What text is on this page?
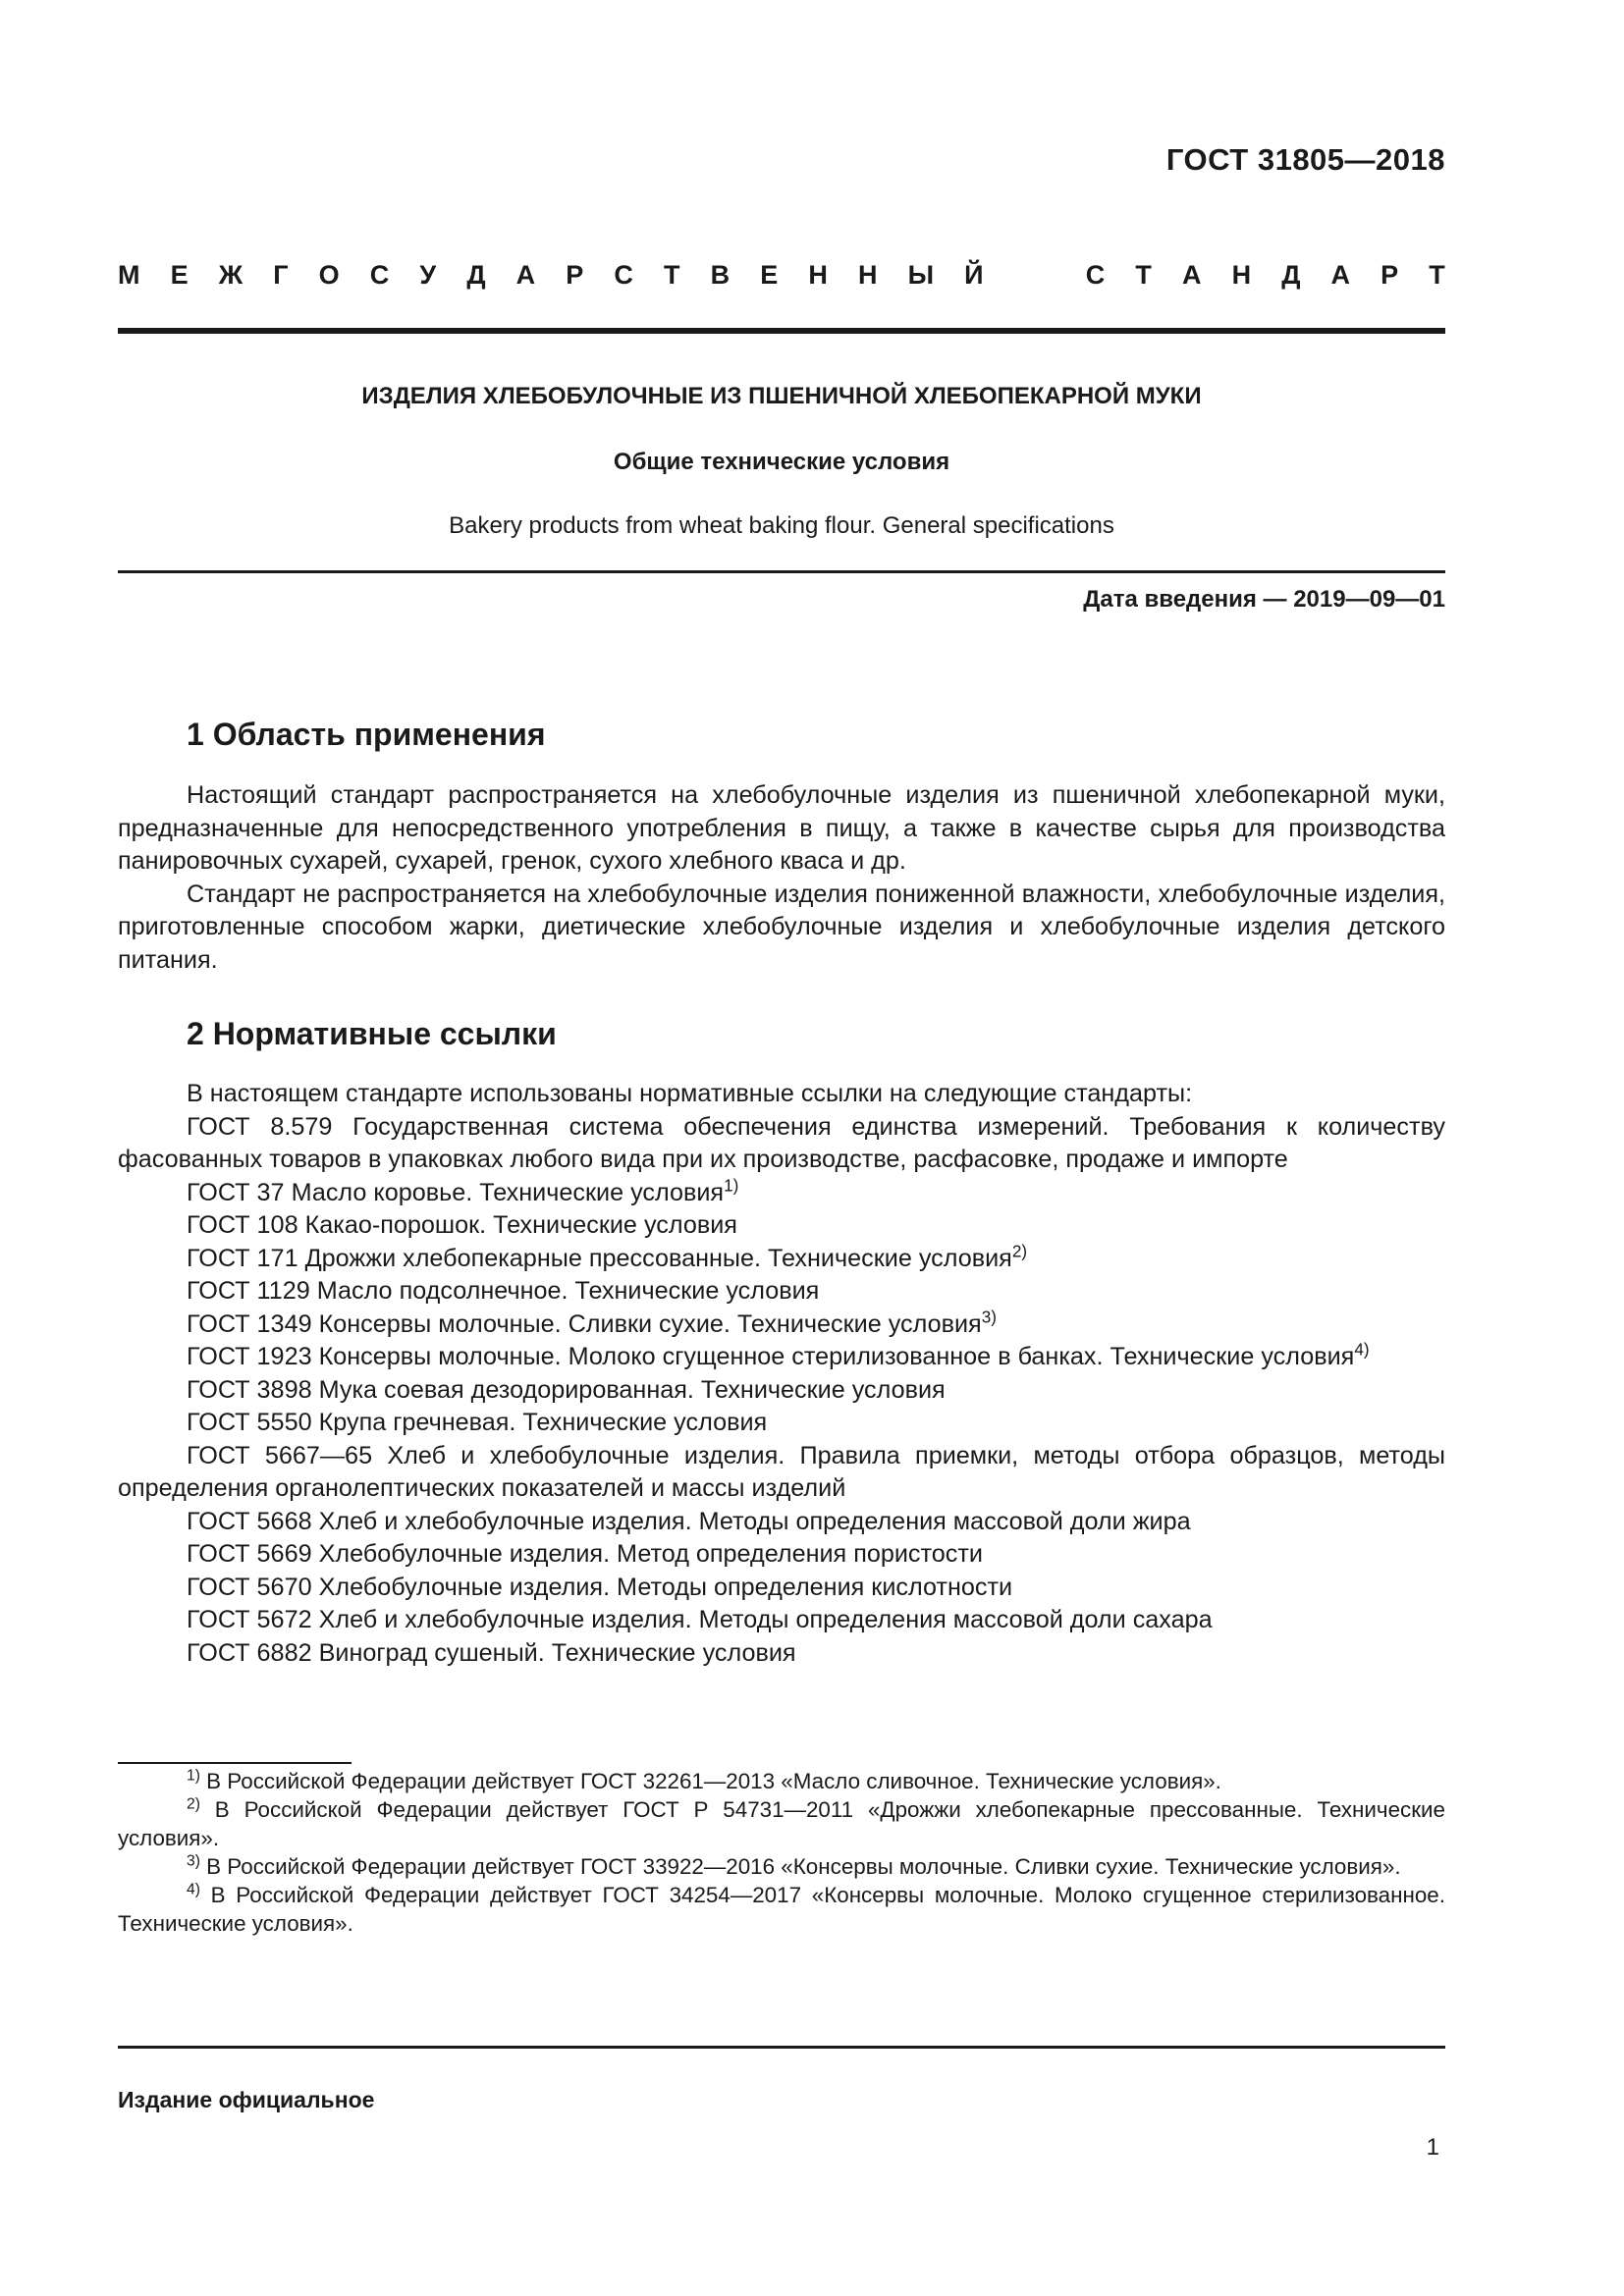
ГОСТ 31805—2018
М Е Ж Г О С У Д А Р С Т В Е Н Н Ы Й	С Т А Н Д А Р Т
ИЗДЕЛИЯ ХЛЕБОБУЛОЧНЫЕ ИЗ ПШЕНИЧНОЙ ХЛЕБОПЕКАРНОЙ МУКИ
Общие технические условия
Bakery products from wheat baking flour. General specifications
Дата введения — 2019—09—01
1 Область применения

Настоящий стандарт распространяется на хлебобулочные изделия из пшеничной хлебопекарной муки, предназначенные для непосредственного употребления в пищу, а также в качестве сырья для производства панировочных сухарей, сухарей, гренок, сухого хлебного кваса и др.

Стандарт не распространяется на хлебобулочные изделия пониженной влажности, хлебобулочные изделия, приготовленные способом жарки, диетические хлебобулочные изделия и хлебобулочные изделия детского питания.

2 Нормативные ссылки

В настоящем стандарте использованы нормативные ссылки на следующие стандарты:

ГОСТ 8.579 Государственная система обеспечения единства измерений. Требования к количеству фасованных товаров в упаковках любого вида при их производстве, расфасовке, продаже и импорте

ГОСТ 37 Масло коровье. Технические условия$^{1)}$

ГОСТ 108 Какао-порошок. Технические условия

ГОСТ 171 Дрожжи хлебопекарные прессованные. Технические условия$^{2)}$

ГОСТ 1129 Масло подсолнечное. Технические условия

ГОСТ 1349 Консервы молочные. Сливки сухие. Технические условия$^{3)}$

ГОСТ 1923 Консервы молочные. Молоко сгущенное стерилизованное в банках. Технические условия$^{4)}$

ГОСТ 3898 Мука соевая дезодорированная. Технические условия

ГОСТ 5550 Крупа гречневая. Технические условия

ГОСТ 5667—65 Хлеб и хлебобулочные изделия. Правила приемки, методы отбора образцов, методы определения органолептических показателей и массы изделий

ГОСТ 5668 Хлеб и хлебобулочные изделия. Методы определения массовой доли жира

ГОСТ 5669 Хлебобулочные изделия. Метод определения пористости

ГОСТ 5670 Хлебобулочные изделия. Методы определения кислотности

ГОСТ 5672 Хлеб и хлебобулочные изделия. Методы определения массовой доли сахара

ГОСТ 6882 Виноград сушеный. Технические условия

$^{1)}$ В Российской Федерации действует ГОСТ 32261—2013 «Масло сливочное. Технические условия».

$^{2)}$ В Российской Федерации действует ГОСТ Р 54731—2011 «Дрожжи хлебопекарные прессованные. Технические условия».

$^{3)}$ В Российской Федерации действует ГОСТ 33922—2016 «Консервы молочные. Сливки сухие. Технические условия».

$^{4)}$ В Российской Федерации действует ГОСТ 34254—2017 «Консервы молочные. Молоко сгущенное стерилизованное. Технические условия».

Издание официальное
1
